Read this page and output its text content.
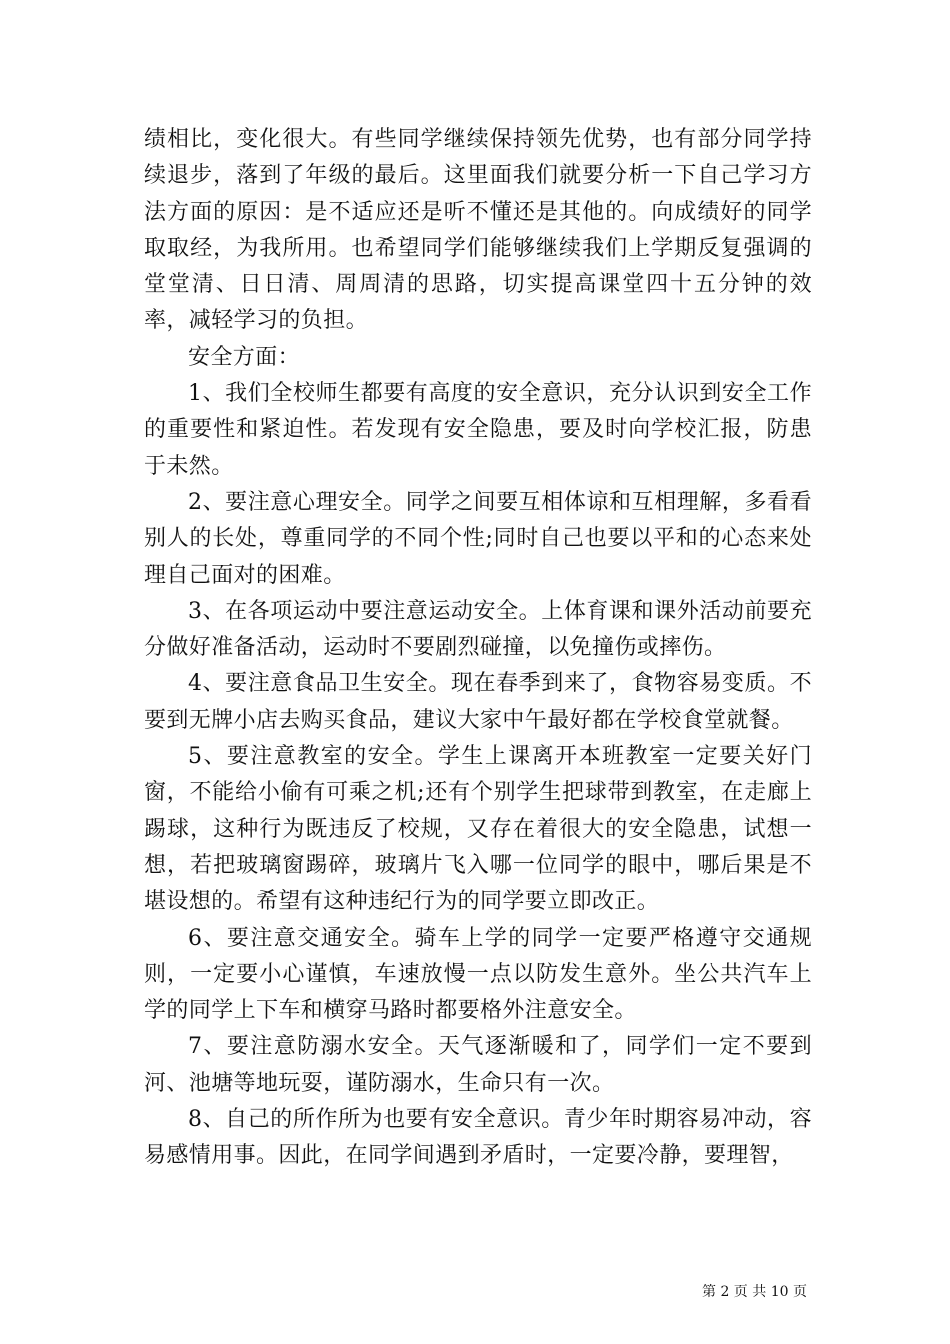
绩相比，变化很大。有些同学继续保持领先优势，也有部分同学持续退步，落到了年级的最后。这里面我们就要分析一下自己学习方法方面的原因：是不适应还是听不懂还是其他的。向成绩好的同学取取经，为我所用。也希望同学们能够继续我们上学期反复强调的堂堂清、日日清、周周清的思路，切实提高课堂四十五分钟的效率，减轻学习的负担。

安全方面：

1、我们全校师生都要有高度的安全意识，充分认识到安全工作的重要性和紧迫性。若发现有安全隐患，要及时向学校汇报，防患于未然。

2、要注意心理安全。同学之间要互相体谅和互相理解，多看看别人的长处，尊重同学的不同个性;同时自己也要以平和的心态来处理自己面对的困难。

3、在各项运动中要注意运动安全。上体育课和课外活动前要充分做好准备活动，运动时不要剧烈碰撞，以免撞伤或摔伤。

4、要注意食品卫生安全。现在春季到来了，食物容易变质。不要到无牌小店去购买食品，建议大家中午最好都在学校食堂就餐。

5、要注意教室的安全。学生上课离开本班教室一定要关好门窗，不能给小偷有可乘之机;还有个别学生把球带到教室，在走廊上踢球，这种行为既违反了校规，又存在着很大的安全隐患，试想一想，若把玻璃窗踢碎，玻璃片飞入哪一位同学的眼中，哪后果是不堪设想的。希望有这种违纪行为的同学要立即改正。

6、要注意交通安全。骑车上学的同学一定要严格遵守交通规则，一定要小心谨慎，车速放慢一点以防发生意外。坐公共汽车上学的同学上下车和横穿马路时都要格外注意安全。

7、要注意防溺水安全。天气逐渐暖和了，同学们一定不要到河、池塘等地玩耍，谨防溺水，生命只有一次。

8、自己的所作所为也要有安全意识。青少年时期容易冲动，容易感情用事。因此，在同学间遇到矛盾时，一定要冷静，要理智，

第 2 页 共 10 页
